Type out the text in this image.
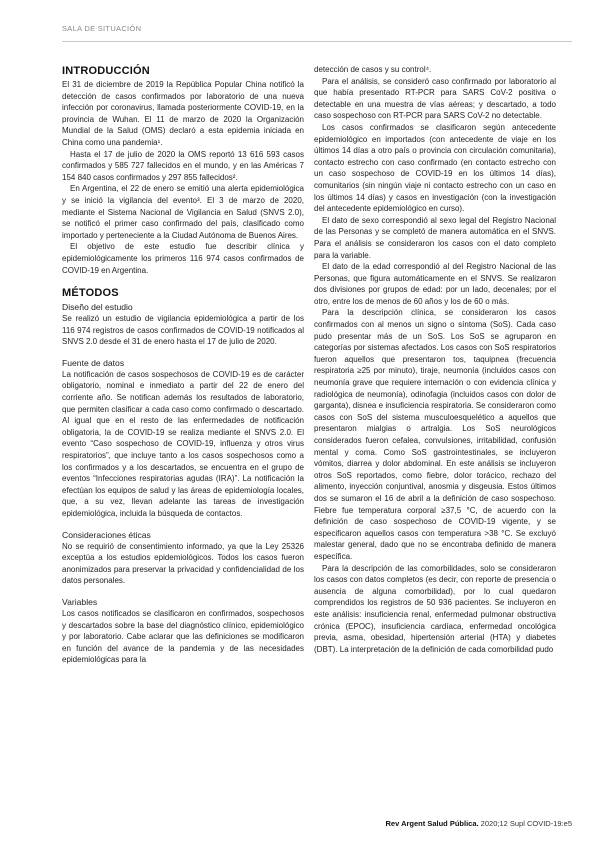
SALA DE SITUACIÓN
INTRODUCCIÓN

El 31 de diciembre de 2019 la República Popular China notificó la detección de casos confirmados por laboratorio de una nueva infección por coronavirus, llamada posteriormente COVID-19, en la provincia de Wuhan. El 11 de marzo de 2020 la Organización Mundial de la Salud (OMS) declaró a esta epidemia iniciada en China como una pandemia¹.

Hasta el 17 de julio de 2020 la OMS reportó 13 616 593 casos confirmados y 585 727 fallecidos en el mundo, y en las Américas 7 154 840 casos confirmados y 297 855 fallecidos².

En Argentina, el 22 de enero se emitió una alerta epidemiológica y se inició la vigilancia del evento³. El 3 de marzo de 2020, mediante el Sistema Nacional de Vigilancia en Salud (SNVS 2.0), se notificó el primer caso confirmado del país, clasificado como importado y perteneciente a la Ciudad Autónoma de Buenos Aires.

El objetivo de este estudio fue describir clínica y epidemiológicamente los primeros 116 974 casos confirmados de COVID-19 en Argentina.

MÉTODOS
Diseño del estudio

Se realizó un estudio de vigilancia epidemiológica a partir de los 116 974 registros de casos confirmados de COVID-19 notificados al SNVS 2.0 desde el 31 de enero hasta el 17 de julio de 2020.

Fuente de datos

La notificación de casos sospechosos de COVID-19 es de carácter obligatorio, nominal e inmediato a partir del 22 de enero del corriente año. Se notifican además los resultados de laboratorio, que permiten clasificar a cada caso como confirmado o descartado. Al igual que en el resto de las enfermedades de notificación obligatoria, la de COVID-19 se realiza mediante el SNVS 2.0. El evento “Caso sospechoso de COVID-19, influenza y otros virus respiratorios”, que incluye tanto a los casos sospechosos como a los confirmados y a los descartados, se encuentra en el grupo de eventos “Infecciones respiratorias agudas (IRA)”. La notificación la efectúan los equipos de salud y las áreas de epidemiología locales, que, a su vez, llevan adelante las tareas de investigación epidemiológica, incluida la búsqueda de contactos.

Consideraciones éticas

No se requirió de consentimiento informado, ya que la Ley 25326 exceptúa a los estudios epidemiológicos. Todos los casos fueron anonimizados para preservar la privacidad y confidencialidad de los datos personales.

Variables

Los casos notificados se clasificaron en confirmados, sospechosos y descartados sobre la base del diagnóstico clínico, epidemiológico y por laboratorio. Cabe aclarar que las definiciones se modificaron en función del avance de la pandemia y de las necesidades epidemiológicas para la

detección de casos y su control⁴.

Para el análisis, se consideró caso confirmado por laboratorio al que había presentado RT-PCR para SARS CoV-2 positiva o detectable en una muestra de vías aéreas; y descartado, a todo caso sospechoso con RT-PCR para SARS CoV-2 no detectable.

Los casos confirmados se clasificaron según antecedente epidemiológico en importados (con antecedente de viaje en los últimos 14 días a otro país o provincia con circulación comunitaria), contacto estrecho con caso confirmado (en contacto estrecho con un caso sospechoso de COVID-19 en los últimos 14 días), comunitarios (sin ningún viaje ni contacto estrecho con un caso en los últimos 14 días) y casos en investigación (con la investigación del antecedente epidemiológico en curso).

El dato de sexo correspondió al sexo legal del Registro Nacional de las Personas y se completó de manera automática en el SNVS. Para el análisis se consideraron los casos con el dato completo para la variable.

El dato de la edad correspondió al del Registro Nacional de las Personas, que figura automáticamente en el SNVS. Se realizaron dos divisiones por grupos de edad: por un lado, decenales; por el otro, entre los de menos de 60 años y los de 60 o más.

Para la descripción clínica, se consideraron los casos confirmados con al menos un signo o síntoma (SoS). Cada caso pudo presentar más de un SoS. Los SoS se agruparon en categorías por sistemas afectados. Los casos con SoS respiratorios fueron aquellos que presentaron tos, taquipnea (frecuencia respiratoria ≥25 por minuto), tiraje, neumonía (incluidos casos con neumonía grave que requiere internación o con evidencia clínica y radiológica de neumonía), odinofagia (incluidos casos con dolor de garganta), disnea e insuficiencia respiratoria. Se consideraron como casos con SoS del sistema musculoesquelético a aquellos que presentaron mialgias o artralgia. Los SoS neurológicos considerados fueron cefalea, convulsiones, irritabilidad, confusión mental y coma. Como SoS gastrointestinales, se incluyeron vómitos, diarrea y dolor abdominal. En este análisis se incluyeron otros SoS reportados, como fiebre, dolor torácico, rechazo del alimento, inyección conjuntival, anosmia y disgeusia. Estos últimos dos se sumaron el 16 de abril a la definición de caso sospechoso. Fiebre fue temperatura corporal ≥37,5 °C, de acuerdo con la definición de caso sospechoso de COVID-19 vigente, y se especificaron aquellos casos con temperatura >38 °C. Se excluyó malestar general, dado que no se encontraba definido de manera específica.

Para la descripción de las comorbilidades, solo se consideraron los casos con datos completos (es decir, con reporte de presencia o ausencia de alguna comorbilidad), por lo cual quedaron comprendidos los registros de 50 936 pacientes. Se incluyeron en este análisis: insuficiencia renal, enfermedad pulmonar obstructiva crónica (EPOC), insuficiencia cardíaca, enfermedad oncológica previa, asma, obesidad, hipertensión arterial (HTA) y diabetes (DBT). La interpretación de la definición de cada comorbilidad pudo

Rev Argent Salud Pública. 2020;12 Supl COVID-19:e5
